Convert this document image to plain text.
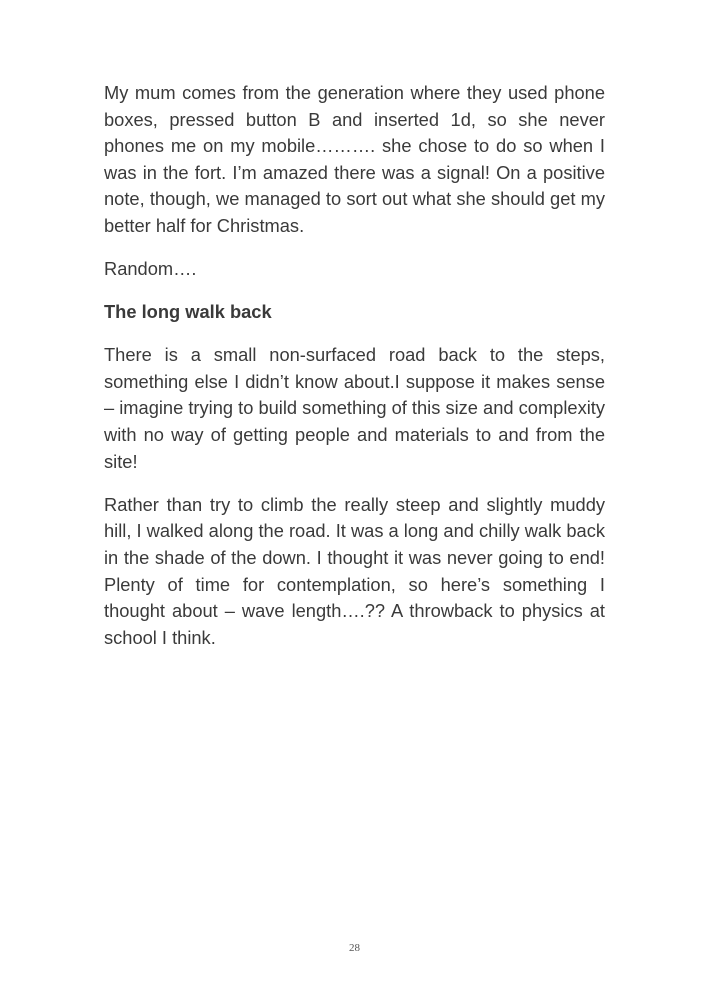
My mum comes from the generation where they used phone boxes, pressed button B and inserted 1d, so she never phones me on my mobile………. she chose to do so when I was in the fort. I’m amazed there was a signal! On a positive note, though, we managed to sort out what she should get my better half for Christmas.

Random….

The long walk back

There is a small non-surfaced road back to the steps, something else I didn’t know about.I suppose it makes sense – imagine trying to build something of this size and complexity with no way of getting people and materials to and from the site!

Rather than try to climb the really steep and slightly muddy hill, I walked along the road. It was a long and chilly walk back in the shade of the down. I thought it was never going to end! Plenty of time for contemplation, so here’s something I thought about – wave length….?? A throwback to physics at school I think.

28
